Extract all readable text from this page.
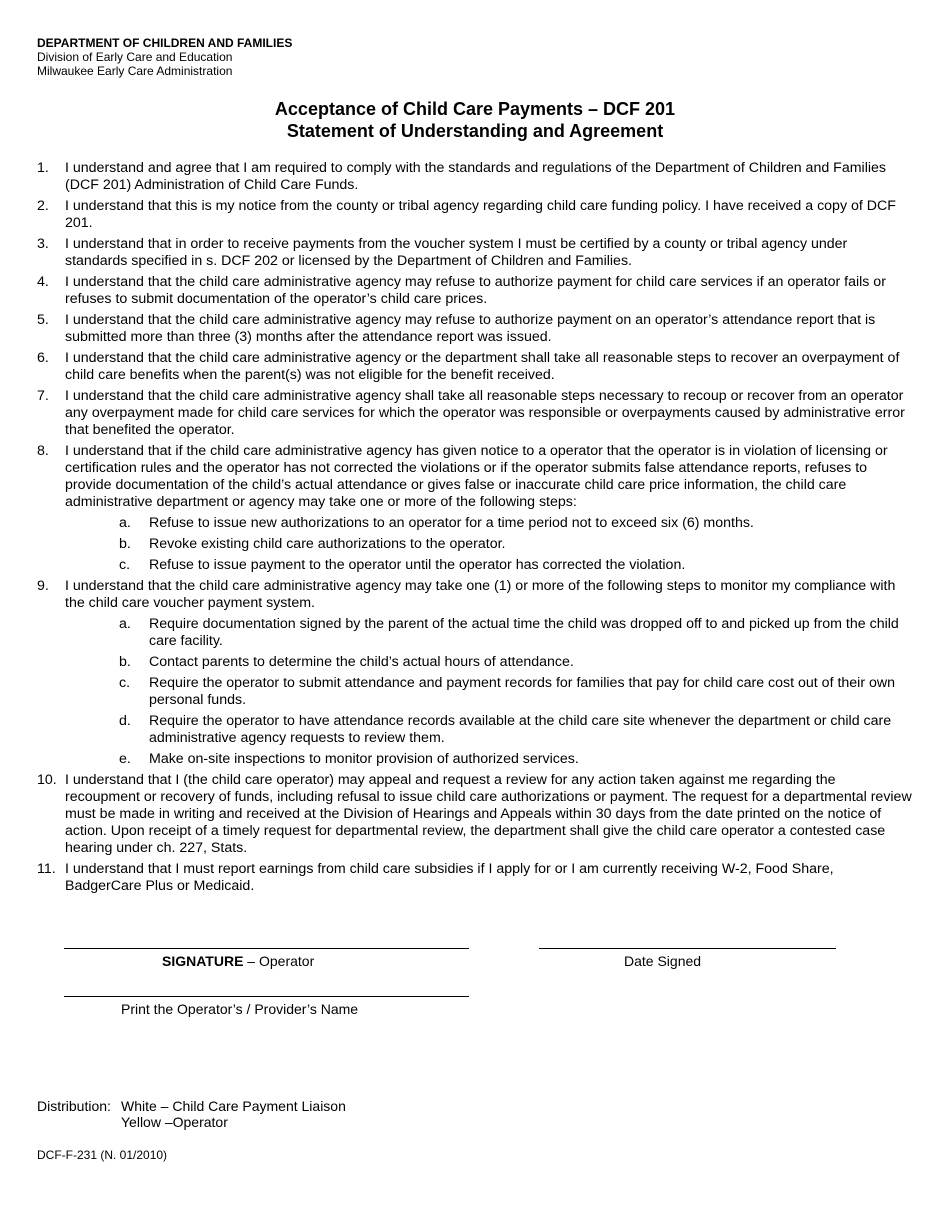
DEPARTMENT OF CHILDREN AND FAMILIES
Division of Early Care and Education
Milwaukee Early Care Administration
Acceptance of Child Care Payments – DCF 201
Statement of Understanding and Agreement
1. I understand and agree that I am required to comply with the standards and regulations of the Department of Children and Families (DCF 201) Administration of Child Care Funds.
2. I understand that this is my notice from the county or tribal agency regarding child care funding policy. I have received a copy of DCF 201.
3. I understand that in order to receive payments from the voucher system I must be certified by a county or tribal agency under standards specified in s. DCF 202 or licensed by the Department of Children and Families.
4. I understand that the child care administrative agency may refuse to authorize payment for child care services if an operator fails or refuses to submit documentation of the operator’s child care prices.
5. I understand that the child care administrative agency may refuse to authorize payment on an operator’s attendance report that is submitted more than three (3) months after the attendance report was issued.
6. I understand that the child care administrative agency or the department shall take all reasonable steps to recover an overpayment of child care benefits when the parent(s) was not eligible for the benefit received.
7. I understand that the child care administrative agency shall take all reasonable steps necessary to recoup or recover from an operator any overpayment made for child care services for which the operator was responsible or overpayments caused by administrative error that benefited the operator.
8. I understand that if the child care administrative agency has given notice to a operator that the operator is in violation of licensing or certification rules and the operator has not corrected the violations or if the operator submits false attendance reports, refuses to provide documentation of the child’s actual attendance or gives false or inaccurate child care price information, the child care administrative department or agency may take one or more of the following steps:
a. Refuse to issue new authorizations to an operator for a time period not to exceed six (6) months.
b. Revoke existing child care authorizations to the operator.
c. Refuse to issue payment to the operator until the operator has corrected the violation.
9. I understand that the child care administrative agency may take one (1) or more of the following steps to monitor my compliance with the child care voucher payment system.
a. Require documentation signed by the parent of the actual time the child was dropped off to and picked up from the child care facility.
b. Contact parents to determine the child’s actual hours of attendance.
c. Require the operator to submit attendance and payment records for families that pay for child care cost out of their own personal funds.
d. Require the operator to have attendance records available at the child care site whenever the department or child care administrative agency requests to review them.
e. Make on-site inspections to monitor provision of authorized services.
10. I understand that I (the child care operator) may appeal and request a review for any action taken against me regarding the recoupment or recovery of funds, including refusal to issue child care authorizations or payment. The request for a departmental review must be made in writing and received at the Division of Hearings and Appeals within 30 days from the date printed on the notice of action. Upon receipt of a timely request for departmental review, the department shall give the child care operator a contested case hearing under ch. 227, Stats.
11. I understand that I must report earnings from child care subsidies if I apply for or I am currently receiving W-2, Food Share, BadgerCare Plus or Medicaid.
SIGNATURE – Operator	Date Signed
Print the Operator’s / Provider’s Name
Distribution: White – Child Care Payment Liaison
Yellow –Operator
DCF-F-231 (N. 01/2010)
